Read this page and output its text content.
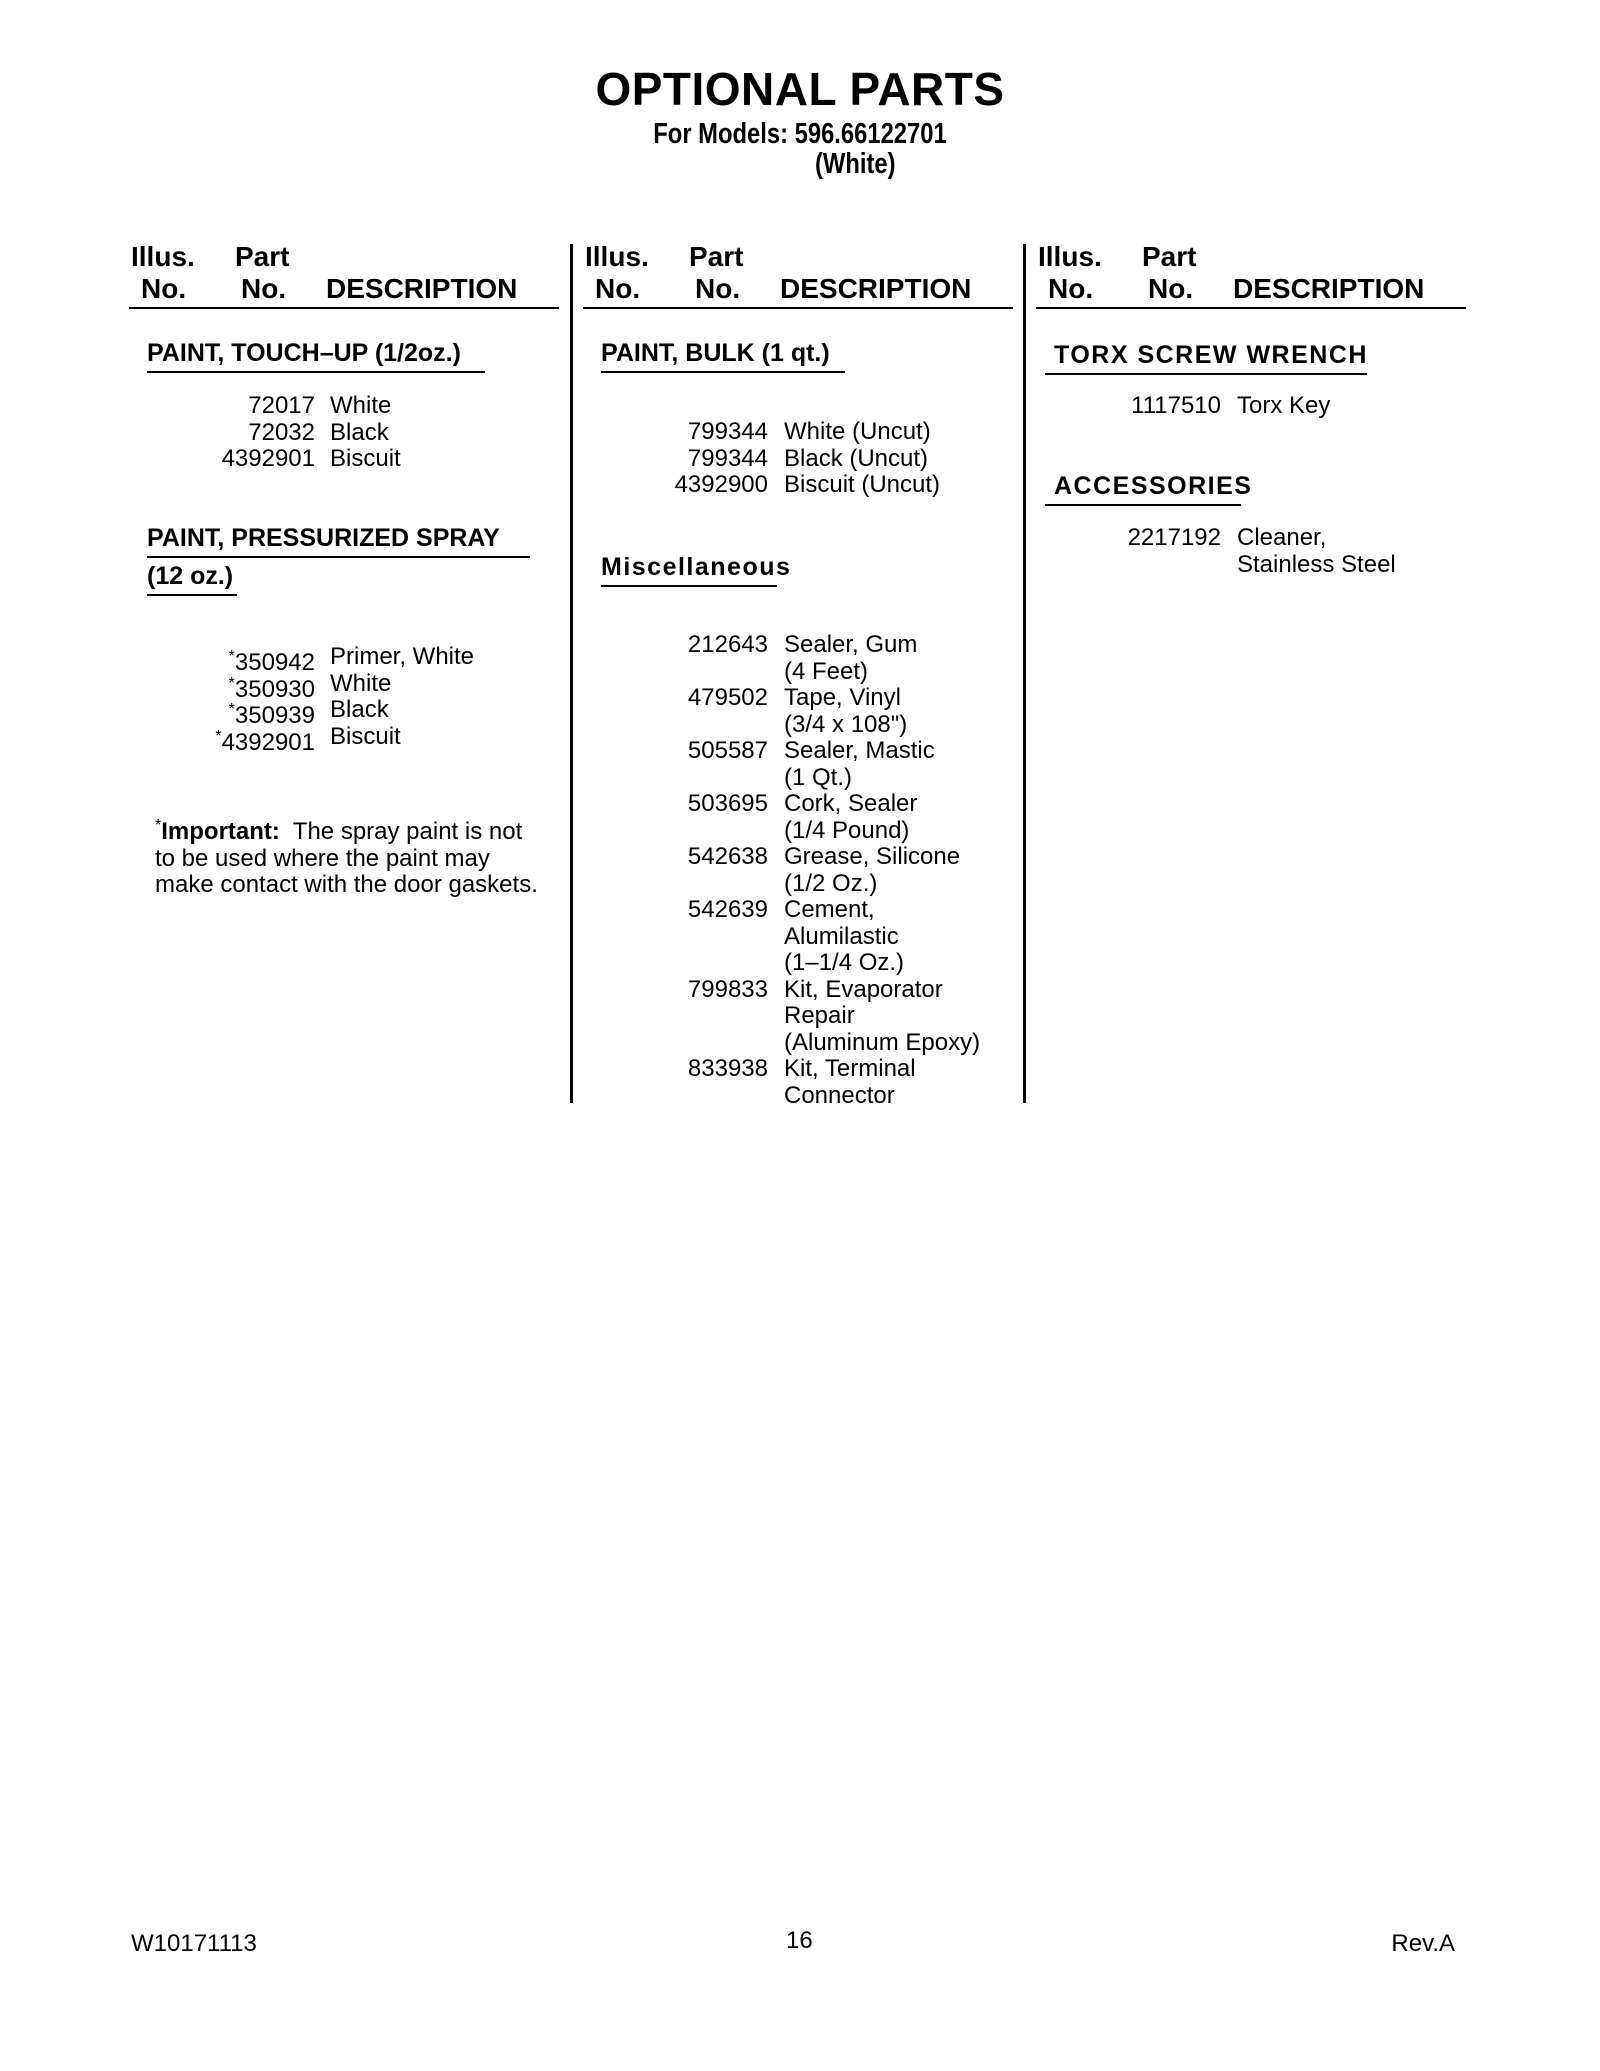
OPTIONAL PARTS
For Models: 596.66122701
(White)
Illus.
No.
Part
No. DESCRIPTION
Illus.
No.
Part
No. DESCRIPTION
Illus.
No.
Part
No. DESCRIPTION
PAINT, TOUCH–UP (1/2oz.)
72017 White
72032 Black
4392901 Biscuit
PAINT, PRESSURIZED SPRAY
(12 oz.)
*350942 Primer, White
*350930 White
*350939 Black
*4392901 Biscuit
*Important: The spray paint is not to be used where the paint may make contact with the door gaskets.
PAINT, BULK (1 qt.)
799344 White (Uncut)
799344 Black (Uncut)
4392900 Biscuit (Uncut)
Miscellaneous
212643 Sealer, Gum
(4 Feet)
479502 Tape, Vinyl
(3/4 x 108")
505587 Sealer, Mastic
(1 Qt.)
503695 Cork, Sealer
(1/4 Pound)
542638 Grease, Silicone
(1/2 Oz.)
542639 Cement,
Alumilastic
(1–1/4 Oz.)
799833 Kit, Evaporator
Repair
(Aluminum Epoxy)
833938 Kit, Terminal
Connector
TORX SCREW WRENCH
1117510 Torx Key
ACCESSORIES
2217192 Cleaner,
Stainless Steel
W10171113	16	Rev.A
